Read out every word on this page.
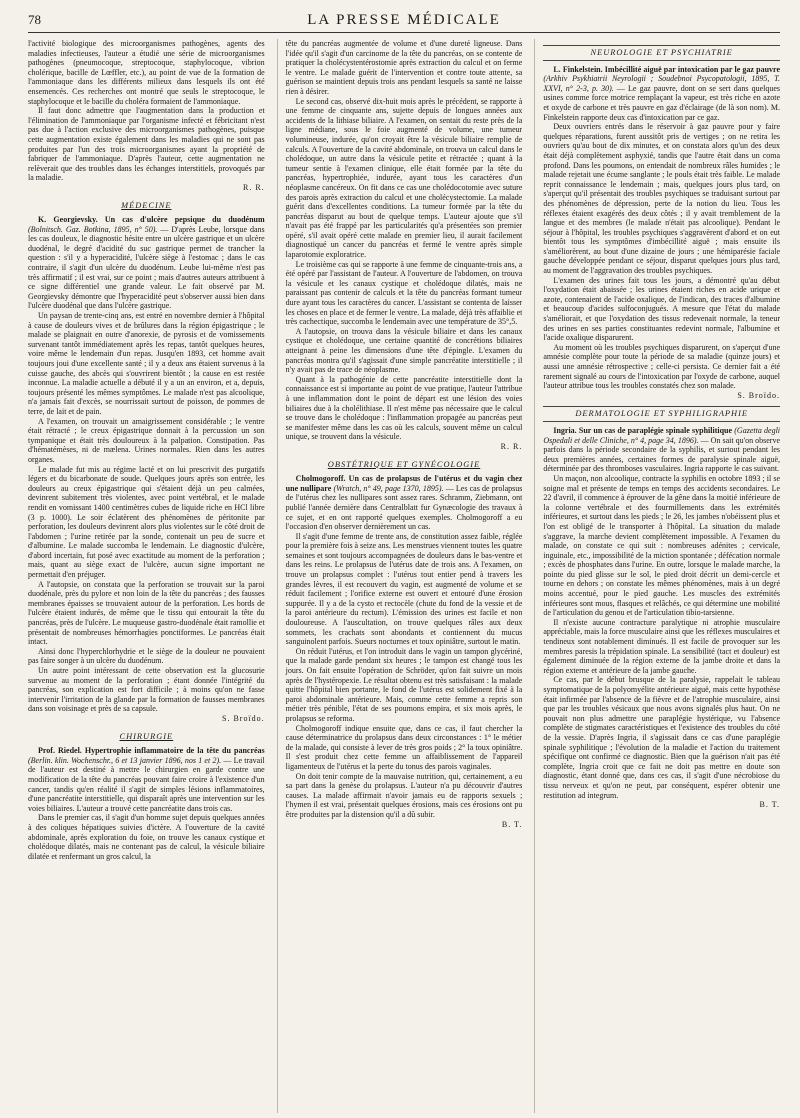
78	LA PRESSE MÉDICALE

l'activité biologique des microorganismes pathogènes, agents des maladies infectieuses, l'auteur a étudié une série de microorganismes pathogènes (pneumocoque, streptocoque, staphylocoque, vibrion cholérique, bacille de Lœffler, etc.), au point de vue de la formation de l'ammoniaque dans les différents milieux dans lesquels ils ont été ensemencés. Ces recherches ont montré que seuls le streptocoque, le staphylocoque et le bacille du choléra formaient de l'ammoniaque.

Il faut donc admettre que l'augmentation dans la production et l'élimination de l'ammoniaque par l'organisme infecté et fébricitant n'est pas due à l'action exclusive des microorganismes pathogènes, puisque cette augmentation existe également dans les maladies qui ne sont pas produites par l'un des trois microorganismes ayant la propriété de fabriquer de l'ammoniaque. D'après l'auteur, cette augmentation ne relèverait que des troubles dans les échanges interstitiels, provoqués par la maladie.

R. R.
MÉDECINE

K. Georgievsky. Un cas d'ulcère pepsique du duodénum (Bolnitsch. Gaz. Botkina, 1895, n° 50). — D'après Leube, lorsque dans les cas douleux, le diagnostic hésite entre un ulcère gastrique et un ulcère duodénal, le degré d'acidité du suc gastrique permet de trancher la question : s'il y a hyperacidité, l'ulcère siège à l'estomac ; dans le cas contraire, il s'agit d'un ulcère du duodénum. Leube lui-même n'est pas très affirmatif ; il est vrai, sur ce point ; mais d'autres auteurs attribuent à ce signe différentiel une grande valeur. Le fait observé par M. Georgievsky démontre que l'hyperacidité peut s'observer aussi bien dans l'ulcère duodénal que dans l'ulcère gastrique.

Un paysan de trente-cinq ans, est entré en novembre dernier à l'hôpital à cause de douleurs vives et de brûlures dans la région épigastrique ; le malade se plaignait en outre d'anorexie, de pyrosis et de vomissements survenant tantôt immédiatement après les repas, tantôt quelques heures, voire même le lendemain d'un repas. Jusqu'en 1893, cet homme avait toujours joui d'une excellente santé ; il y a deux ans étaient survenus à la cuisse gauche, des abcès qui s'ouvrirent bientôt ; la cause en est restée inconnue. La maladie actuelle a débuté il y a un an environ, et a, depuis, toujours présenté les mêmes symptômes. Le malade n'est pas alcoolique, n'a jamais fait d'excès, se nourrissait surtout de poisson, de pommes de terre, de lait et de pain.

A l'examen, on trouvait un amaigrissement considérable ; le ventre était rétracté ; le creux épigastrique donnait à la percussion un son tympanique et était très douloureux à la palpation. Constipation. Pas d'hématémèses, ni de mælena. Urines normales. Rien dans les autres organes.

Le malade fut mis au régime lacté et on lui prescrivit des purgatifs légers et du bicarbonate de soude. Quelques jours après son entrée, les douleurs au creux épigastrique qui s'étaient déjà un peu calmées, devinrent subitement très violentes, avec point vertébral, et le malade rendit en vomissant 1400 centimètres cubes de liquide riche en HCl libre (3 p. 1000). Le soir éclatèrent des phénomènes de péritonite par perforation, les douleurs devinrent alors plus violentes sur le côté droit de l'abdomen ; l'urine retirée par la sonde, contenait un peu de sucre et d'albumine. Le malade succomba le lendemain. Le diagnostic d'ulcère, d'abord incertain, fut posé avec exactitude au moment de la perforation ; mais, quant au siège exact de l'ulcère, aucun signe important ne permettait d'en préjuger.

A l'autopsie, on constata que la perforation se trouvait sur la paroi duodénale, près du pylore et non loin de la tête du pancréas ; des fausses membranes épaisses se trouvaient autour de la perforation. Les bords de l'ulcère étaient indurés, de même que le tissu qui entourait la tête du pancréas, près de l'ulcère. Le muqueuse gastro-duodénale était ramollie et présentait de nombreuses hémorrhagies ponctiformes. Le pancréas était intact.

Ainsi donc l'hyperchlorhydrie et le siège de la douleur ne pouvaient pas faire songer à un ulcère du duodénum.

Un autre point intéressant de cette observation est la glucosurie survenue au moment de la perforation ; étant donnée l'intégrité du pancréas, son explication est fort difficile ; à moins qu'on ne fasse intervenir l'irritation de la glande par la formation de fausses membranes dans son voisinage et près de sa capsule.

S. Broïdo.
CHIRURGIE

Prof. Riedel. Hypertrophie inflammatoire de la tête du pancréas (Berlin. klin. Wochenschr., 6 et 13 janvier 1896, nos 1 et 2). — Le travail de l'auteur est destiné à mettre le chirurgien en garde contre une modification de la tête du pancréas pouvant faire croire à l'existence d'un cancer, tandis qu'en réalité il s'agit de simples lésions inflammatoires, d'une pancréatite interstitielle, qui disparaît après une intervention sur les voies biliaires. L'auteur a trouvé cette pancréatite dans trois cas.

Dans le premier cas, il s'agit d'un homme sujet depuis quelques années à des coliques hépatiques suivies d'ictère. A l'ouverture de la cavité abdominale, après exploration du foie, on trouve les canaux cystique et cholédoque dilatés, mais ne contenant pas de calcul, la vésicule biliaire dilatée et renfermant un gros calcul, la

tête du pancréas augmentée de volume et d'une dureté ligneuse. Dans l'idée qu'il s'agit d'un carcinome de la tête du pancréas, on se contente de pratiquer la cholécystentérostomie après extraction du calcul et on ferme le ventre. Le malade guérit de l'intervention et contre toute attente, sa guérison se maintient depuis trois ans pendant lesquels sa santé ne laisse rien à désirer.

Le second cas, observé dix-huit mois après le précédent, se rapporte à une femme de cinquante ans, sujette depuis de longues années aux accidents de la lithiase biliaire. A l'examen, on sentait du reste près de la ligne médiane, sous le foie augmenté de volume, une tumeur volumineuse, indurée, qu'on croyait être la vésicule biliaire remplie de calculs. A l'ouverture de la cavité abdominale, on trouva un calcul dans le cholédoque, un autre dans la vésicule petite et rétractée ; quant à la tumeur sentie à l'examen clinique, elle était formée par la tête du pancréas, hypertrophiée, indurée, ayant tous les caractères d'un néoplasme cancéreux. On fit dans ce cas une cholédocotomie avec suture des parois après extraction du calcul et une cholécystectomie. La malade guérit dans d'excellentes conditions. La tumeur formée par la tête du pancréas disparut au bout de quelque temps. L'auteur ajoute que s'il n'avait pas été frappé par les particularités qu'a présentées son premier opéré, s'il avait opéré cette malade en premier lieu, il aurait facilement diagnostiqué un cancer du pancréas et fermé le ventre après simple laparotomie exploratrice.

Le troisième cas qui se rapporte à une femme de cinquante-trois ans, a été opéré par l'assistant de l'auteur. A l'ouverture de l'abdomen, on trouva la vésicule et les canaux cystique et cholédoque dilatés, mais ne paraissant pas contenir de calculs et la tête du pancréas formant tumeur dure ayant tous les caractères du cancer. L'assistant se contenta de laisser les choses en place et de fermer le ventre. La malade, déjà très affaiblie et très cachectique, succomba le lendemain avec une température de 35°,5.

A l'autopsie, on trouva dans la vésicule biliaire et dans les canaux cystique et cholédoque, une certaine quantité de concrétions biliaires atteignant à peine les dimensions d'une tête d'épingle. L'examen du pancréas montra qu'il s'agissait d'une simple pancréatite interstitielle ; il n'y avait pas de trace de néoplasme.

Quant à la pathogénie de cette pancréatite interstitielle dont la connaissance est si importante au point de vue pratique, l'auteur l'attribue à une inflammation dont le point de départ est une lésion des voies biliaires due à la cholélithiase. Il n'est même pas nécessaire que le calcul se trouve dans le cholédoque : l'inflammation propagée au pancréas peut se manifester même dans les cas où les calculs, souvent même un calcul unique, se trouvent dans la vésicule.

R. R.
OBSTÉTRIQUE ET GYNÉCOLOGIE

Cholmogoroff. Un cas de prolapsus de l'utérus et du vagin chez une nullipare (Wratch, n° 49, page 1370, 1895). — Les cas de prolapsus de l'utérus chez les nullipares sont assez rares. Schramm, Ziebmann, ont publié l'année dernière dans Centralblatt fur Gynæcologie des travaux à ce sujet, et en ont rapporté quelques exemples. Cholmogoroff a eu l'occasion d'en observer dernièrement un cas.

Il s'agit d'une femme de trente ans, de constitution assez faible, réglée pour la première fois à seize ans. Les menstrues viennent toutes les quatre semaines et sont toujours accompagnées de douleurs dans le bas-ventre et dans les reins. Le prolapsus de l'utérus date de trois ans. A l'examen, on trouve un prolapsus complet : l'utérus tout entier pend à travers les grandes lèvres, il est recouvert du vagin, est augmenté de volume et se réduit facilement ; l'orifice externe est ouvert et entouré d'une érosion suppurée. Il y a de la cysto et rectocèle (chute du fond de la vessie et de la paroi antérieure du rectum). L'émission des urines est facile et non douloureuse. A l'auscultation, on trouve quelques râles aux deux sommets, les crachats sont abondants et contiennent du mucus sanguinolent parfois. Sueurs nocturnes et toux opiniâtre, surtout le matin.

On réduit l'utérus, et l'on introduit dans le vagin un tampon glycériné, que la malade garde pendant six heures ; le tampon est changé tous les jours. On fait ensuite l'opération de Schröder, qu'on fait suivre un mois après de l'hystéropexie. Le résultat obtenu est très satisfaisant : la malade quitte l'hôpital bien portante, le fond de l'utérus est solidement fixé à la paroi abdominale antérieure. Mais, comme cette femme a repris son métier très pénible, l'état de ses poumons empira, et six mois après, le prolapsus se reforma.

Cholmogoroff indique ensuite que, dans ce cas, il faut chercher la cause déterminatrice du prolapsus dans deux circonstances : 1° le métier de la malade, qui consiste à lever de très gros poids ; 2° la toux opiniâtre. Il s'est produit chez cette femme un affaiblissement de l'appareil ligamenteux de l'utérus et la perte du tonus des parois vaginales.

On doit tenir compte de la mauvaise nutrition, qui, certainement, a eu sa part dans la genèse du prolapsus. L'auteur n'a pu découvrir d'autres causes. La malade affirmait n'avoir jamais eu de rapports sexuels ; l'hymen il est vrai, présentait quelques érosions, mais ces érosions ont pu être produites par la distension qu'il a dû subir.

B. T.
NEUROLOGIE ET PSYCHIATRIE

L. Finkelstein. Imbécillité aiguë par intoxication par le gaz pauvre (Arkhiv Psykhiatrii Neyrologii ; Soudebnoi Psycopatologii, 1895, T. XXVI, n° 2-3, p. 30). — Le gaz pauvre, dont on se sert dans quelques usines comme force motrice remplaçant la vapeur, est très riche en azote et oxyde de carbone et très pauvre en gaz d'éclairage (de là son nom). M. Finkelstein rapporte deux cas d'intoxication par ce gaz.

Deux ouvriers entrés dans le réservoir à gaz pauvre pour y faire quelques réparations, furent aussitôt pris de vertiges ; on ne retira les ouvriers qu'au bout de dix minutes, et on constata alors qu'un des deux était déjà complètement asphyxié, tandis que l'autre était dans un coma profond. Dans les poumons, on entendait de nombreux râles humides ; le malade rejetait une écume sanglante ; le pouls était très faible. Le malade reprit connaissance le lendemain ; mais, quelques jours plus tard, on s'aperçut qu'il présentait des troubles psychiques se traduisant surtout par des phénomènes de dépression, perte de la notion du lieu. Tous les réflexes étaient exagérés des deux côtés ; il y avait tremblement de la langue et des membres (le malade n'était pas alcoolique). Pendant le séjour à l'hôpital, les troubles psychiques s'aggravèrent d'abord et on eut bientôt tous les symptômes d'imbécillité aiguë ; mais ensuite ils s'améliorèrent, au bout d'une dizaine de jours ; une hémiparésie faciale gauche développée pendant ce séjour, disparut quelques jours plus tard, au moment de l'aggravation des troubles psychiques.

L'examen des urines fait tous les jours, a démontré qu'au début l'oxydation était abaissée ; les urines étaient riches en acide urique et azote, contenaient de l'acide oxalique, de l'indican, des traces d'albumine et beaucoup d'acides sulfoconjugués. A mesure que l'état du malade s'améliorait, et que l'oxydation des tissus redevenait normale, la teneur des urines en ses parties constituantes redevint normale, l'albumine et l'acide oxalique disparurent.

Au moment où les troubles psychiques disparurent, on s'aperçut d'une amnésie complète pour toute la période de sa maladie (quinze jours) et aussi une amnésie rétrospective ; celle-ci persista. Ce dernier fait a été rarement signalé au cours de l'intoxication par l'oxyde de carbone, auquel l'auteur attribue tous les troubles constatés chez son malade.

S. Broïdo.
DERMATOLOGIE ET SYPHILIGRAPHIE

Ingria. Sur un cas de paraplégie spinale syphilitique (Gazetta degli Ospedali et delle Cliniche, n° 4, page 34, 1896). — On sait qu'on observe parfois dans la période secondaire de la syphilis, et surtout pendant les deux premières années, certaines formes de paralysie spinale aiguë, déterminée par des thromboses vasculaires. Ingria rapporte le cas suivant.

Un maçon, non alcoolique, contracte la syphilis en octobre 1893 ; il se soigne mal et présente de temps en temps des accidents secondaires. Le 22 d'avril, il commence à éprouver de la gêne dans la moitié inférieure de la colonne vertébrale et des fourmillements dans les extrémités inférieures, et surtout dans les pieds ; le 26, les jambes n'obéissent plus et l'on est obligé de le transporter à l'hôpital. La situation du malade s'aggrave, la marche devient complètement impossible. A l'examen du malade, on constate ce qui suit : nombreuses adénites ; cervicale, inguinale, etc., impossibilité de la miction spontanée ; défécation normale ; excès de phosphates dans l'urine. En outre, lorsque le malade marche, la pointe du pied glisse sur le sol, le pied droit décrit un demi-cercle et tourne en dehors ; on constate les mêmes phénomènes, mais à un degré moins accentué, pour le pied gauche. Les muscles des extrémités inférieures sont mous, flasques et relâchés, ce qui détermine une mobilité de l'articulation du genou et de l'articulation tibio-tarsienne.

Il n'existe aucune contracture paralytique ni atrophie musculaire appréciable, mais la force musculaire ainsi que les réflexes musculaires et tendineux sont notablement diminués. Il est facile de provoquer sur les membres paresis la trépidation spinale. La sensibilité (tact et douleur) est également diminuée de la région externe de la jambe droite et dans la région externe et antérieure de la jambe gauche.

Ce cas, par le début brusque de la paralysie, rappelait le tableau symptomatique de la polyomyélite antérieure aiguë, mais cette hypothèse était infirmée par l'absence de la fièvre et de l'atrophie musculaire, ainsi que par les troubles vésicaux que nous avons signalés plus haut. On ne pouvait non plus admettre une paraplégie hystérique, vu l'absence complète de stigmates caractéristiques et l'existence des troubles du côté de la vessie. D'après Ingria, il s'agissait dans ce cas d'une paraplégie spinale syphilitique ; l'évolution de la maladie et l'action du traitement spécifique ont confirmé ce diagnostic. Bien que la guérison n'ait pas été complète, Ingria croit que ce fait ne doit pas mettre en doute son diagnostic, étant donné que, dans ces cas, il s'agit d'une nécrobiose du tissu nerveux et qu'on ne peut, par conséquent, espérer obtenir une restitution ad integrum.

B. T.
